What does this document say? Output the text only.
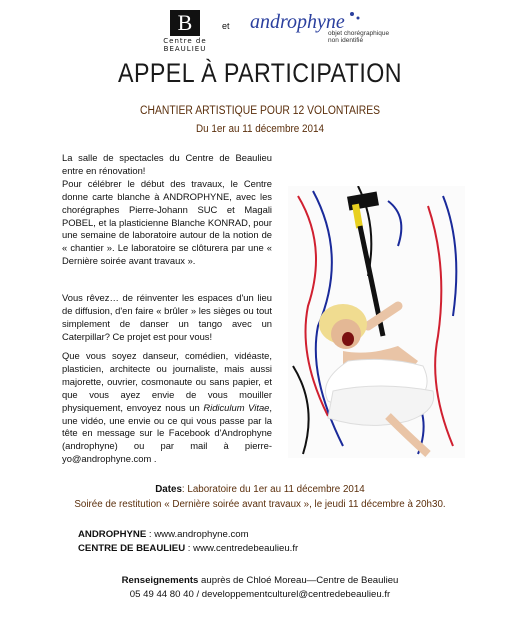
B
Centre de
BEAULIEU
et androphyne
objet chorégraphique
non identifié
APPEL À PARTICIPATION
CHANTIER ARTISTIQUE POUR 12 VOLONTAIRES
Du 1er au 11 décembre 2014

La salle de spectacles du Centre de Beaulieu entre en rénovation!

Pour célébrer le début des travaux, le Centre donne carte blanche à ANDROPHYNE, avec les chorégraphes Pierre-Johann SUC et Magali POBEL, et la plasticienne Blanche KONRAD, pour une semaine de laboratoire autour de la notion de « chantier ». Le laboratoire se clôturera par une « Dernière soirée avant travaux ».

Vous rêvez… de réinventer les espaces d'un lieu de diffusion, d'en faire « brûler » les sièges ou tout simplement de danser un tango avec un Caterpillar? Ce projet est pour vous!

Que vous soyez danseur, comédien, vidéaste, plasticien, architecte ou journaliste, mais aussi majorette, ouvrier, cosmonaute ou sans papier, et que vous ayez envie de vous mouiller physiquement, envoyez nous un Ridiculum Vitae, une vidéo, une envie ou ce qui vous passe par la tête en message sur le Facebook d'Androphyne (androphyne) ou par mail à pierre-yo@androphyne.com .

Dates: Laboratoire du 1er au 11 décembre 2014
Soirée de restitution « Dernière soirée avant travaux », le jeudi 11 décembre à 20h30.
ANDROPHYNE : www.androphyne.com
CENTRE DE BEAULIEU : www.centredebeaulieu.fr
Renseignements auprès de Chloé Moreau—Centre de Beaulieu
05 49 44 80 40 / developpementculturel@centredebeaulieu.fr
